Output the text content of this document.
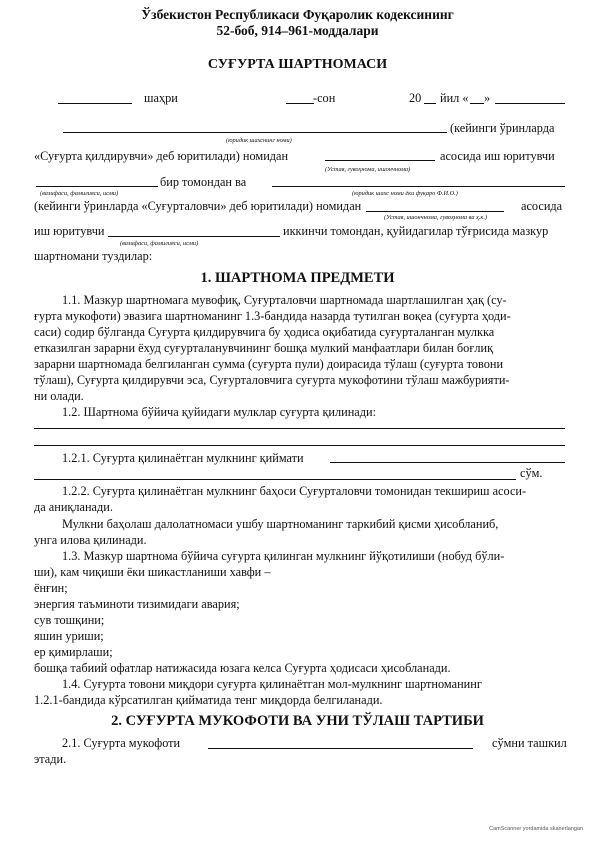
Ўзбекистон Республикаси Фуқаролик кодексининг
52-боб, 914–961-моддалари
СУҒУРТА ШАРТНОМАСИ
шаҳри	-сон	20 йил « »
(кейинги ўринларда
(юридик шахснинг номи)
«Суғурта қилдирувчи» деб юритилади) номидан	асосида иш юритувчи
(Устав, гувоҳнома, ишончнома)
бир томондан ва
(вазифаси, фамилияси, исми)	(юридик шахс номи ёки фуқаро Ф.И.О.)
(кейинги ўринларда «Суғурталовчи» деб юритилади) номидан	асосида
(Устав, ишончнома, гувоҳнома ва ҳ.к.)
иш юритувчи	иккинчи томондан, қуйидагилар тўғрисида мазкур
(вазифаси, фамилияси, исми)
шартномани туздилар:
1. ШАРТНОМА ПРЕДМЕТИ
1.1. Мазкур шартномага мувофиқ, Суғурталовчи шартномада шартлашилган ҳақ (су-
ғурта мукофоти) эвазига шартноманинг 1.3-бандида назарда тутилган воқеа (суғурта ҳоди-
саси) содир бўлганда Суғурта қилдирувчига бу ҳодиса оқибатида суғурталанган мулкка
етказилган зарарни ёхуд суғурталанувчининг бошқа мулкий манфаатлари билан боғлиқ
зарарни шартномада белгиланган сумма (суғурта пули) доирасида тўлаш (суғурта товони
тўлаш), Суғурта қилдирувчи эса, Суғурталовчига суғурта мукофотини тўлаш мажбурияти-
ни олади.
1.2. Шартнома бўйича қуйидаги мулклар суғурта қилинади:
1.2.1. Суғурта қилинаётган мулкнинг қиймати
сўм.
1.2.2. Суғурта қилинаётган мулкнинг баҳоси Суғурталовчи томонидан текшириш асоси-
да аниқланади.
Мулкни баҳолаш далолатномаси ушбу шартноманинг таркибий қисми ҳисобланиб,
унга илова қилинади.
1.3. Мазкур шартнома бўйича суғурта қилинган мулкнинг йўқотилиши (нобуд бўли-
ши), кам чиқиши ёки шикастланиши хавфи –
ёнғин;
энергия таъминоти тизимидаги авария;
сув тошқини;
яшин уриши;
ер қимирлаши;
бошқа табиий офатлар натижасида юзага келса Суғурта ҳодисаси ҳисобланади.
1.4. Суғурта товони миқдори суғурта қилинаётган мол-мулкнинг шартноманинг
1.2.1-бандида кўрсатилган қийматида тенг миқдорда белгиланади.
2. СУҒУРТА МУКОФОТИ ВА УНИ ТЎЛАШ ТАРТИБИ
2.1. Суғурта мукофоти	сўмни ташкил
этади.
CamScanner yordamida skanerlangan
